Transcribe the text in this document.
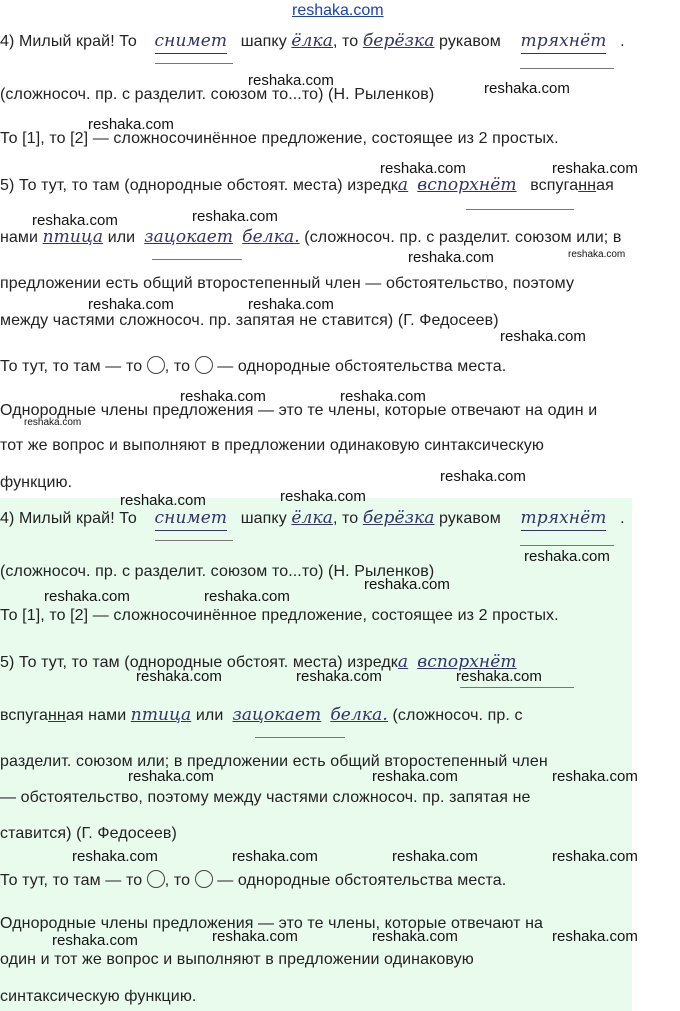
reshaka.com
4) Милый край! То снимет шапку ёлка, то берёзка рукавом тряхнёт .
(сложносоч. пр. с разделит. союзом то...то) (Н. Рыленков)
То [1], то [2] — сложносочинённое предложение, состоящее из 2 простых.
5) То тут, то там (однородные обстоят. места) изредка вспорхнёт вспуганная
нами птица или зацокает белка. (сложносоч. пр. с разделит. союзом или; в
предложении есть общий второстепенный член — обстоятельство, поэтому
между частями сложносоч. пр. запятая не ставится) (Г. Федосеев)
То тут, то там — то , то — однородные обстоятельства места.
Однородные члены предложения — это те члены, которые отвечают на один и
тот же вопрос и выполняют в предложении одинаковую синтаксическую
функцию.
4) Милый край! То снимет шапку ёлка, то берёзка рукавом тряхнёт .
(сложносоч. пр. с разделит. союзом то...то) (Н. Рыленков)
То [1], то [2] — сложносочинённое предложение, состоящее из 2 простых.
5) То тут, то там (однородные обстоят. места) изредка вспорхнёт
вспуганная нами птица или зацокает белка. (сложносоч. пр. с
разделит. союзом или; в предложении есть общий второстепенный член
— обстоятельство, поэтому между частями сложносоч. пр. запятая не
ставится) (Г. Федосеев)
То тут, то там — то , то — однородные обстоятельства места.
Однородные члены предложения — это те члены, которые отвечают на
один и тот же вопрос и выполняют в предложении одинаковую
синтаксическую функцию.
reshaka.com	reshaka.com
reshaka.com
reshaka.com	reshaka.com
reshaka.com	reshaka.com
reshaka.com	reshaka.com
reshaka.com	reshaka.com
reshaka.com
reshaka.com	reshaka.com
reshaka.com
reshaka.com
reshaka.com	reshaka.com
reshaka.com
reshaka.com
reshaka.com	reshaka.com
reshaka.com	reshaka.com	reshaka.com
reshaka.com	reshaka.com	reshaka.com
reshaka.com	reshaka.com	reshaka.com	reshaka.com
reshaka.com	reshaka.com	reshaka.com	reshaka.com
